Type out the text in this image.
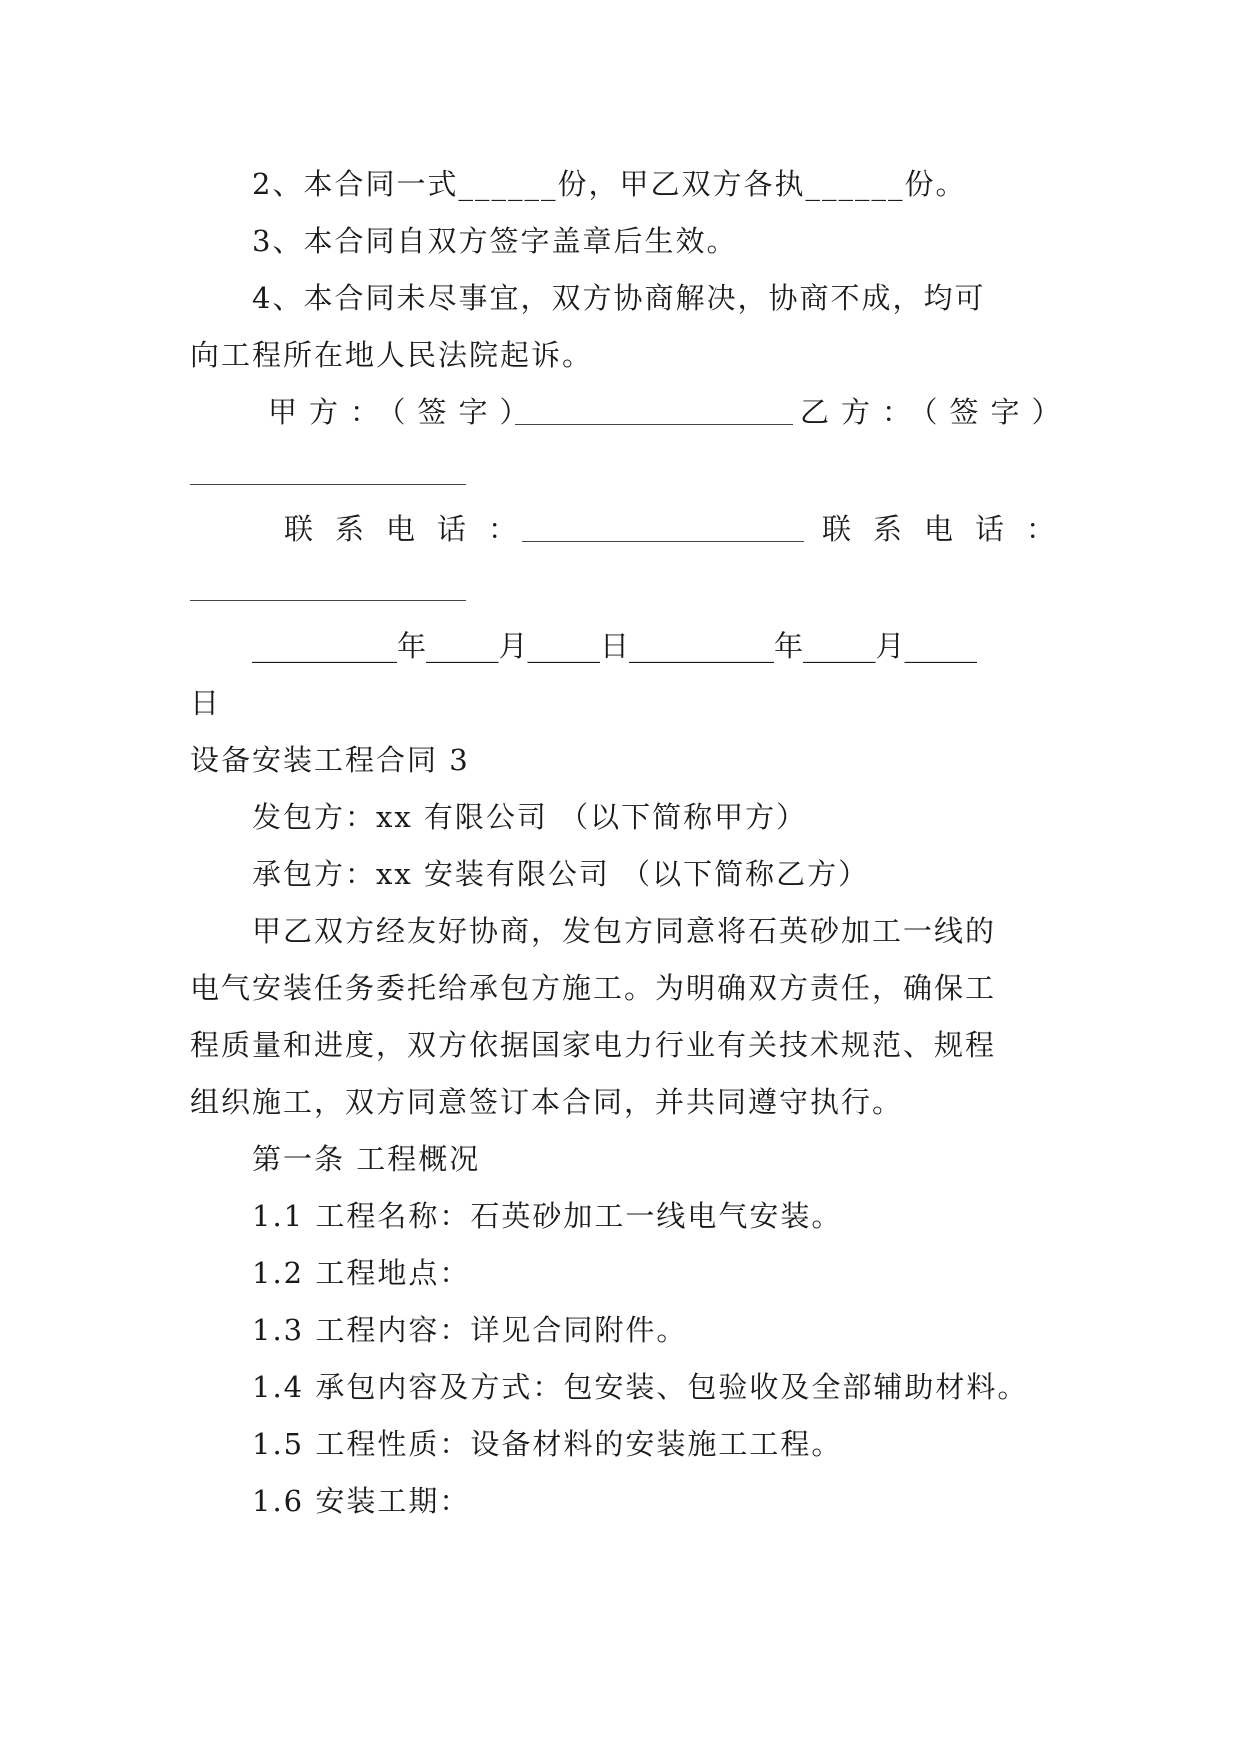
2、本合同一式______份，甲乙双方各执______份。
3、本合同自双方签字盖章后生效。
4、本合同未尽事宜，双方协商解决，协商不成，均可
向工程所在地人民法院起诉。
甲方：（签字）	乙方：（签字）
联系电话：	联系电话：
__________年_____月_____日__________年_____月_____
日
设备安装工程合同 3
发包方：xx 有限公司 （以下简称甲方）
承包方：xx 安装有限公司 （以下简称乙方）
甲乙双方经友好协商，发包方同意将石英砂加工一线的
电气安装任务委托给承包方施工。为明确双方责任，确保工
程质量和进度，双方依据国家电力行业有关技术规范、规程
组织施工，双方同意签订本合同，并共同遵守执行。
第一条 工程概况
1.1 工程名称：石英砂加工一线电气安装。
1.2 工程地点：
1.3 工程内容：详见合同附件。
1.4 承包内容及方式：包安装、包验收及全部辅助材料。
1.5 工程性质：设备材料的安装施工工程。
1.6 安装工期：
